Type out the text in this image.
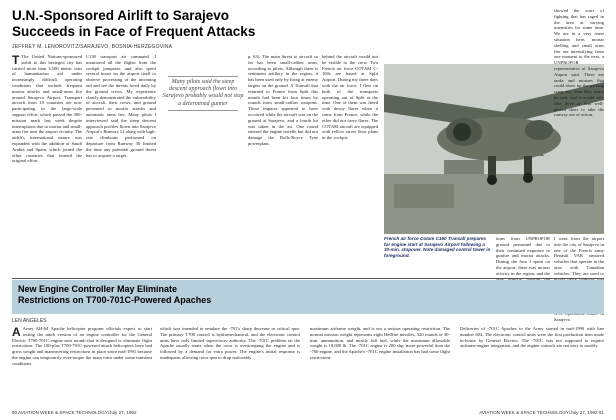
U.N.-Sponsored Airlift to Sarajevo
Succeeds in Face of Frequent Attacks
JEFFREY M. LENOROVITZ/SARAJEVO, BOSNIA-HERZEGOVINA

T The United Nations-sponsored airlift to this besieged city has carried more than 3,500 metric tons of humanitarian aid under increasingly difficult operating conditions that include frequent mortar attacks and small-arms fire around Sarajevo Airport. Transport aircraft from 10 countries are now participating in the large-scale support effort, which passed the 300-mission mark last week despite interruptions due to mortar and small-arms fire near the airport vicinity. The airlift's international nature was expanded with the addition of Saudi Arabia and Spain, which joined the other countries that formed the original effort.

C130 transport air command. I monitored all the flights from the cockpit jumpseat, and also spent several hours on the airport itself to observe processing of the incoming aid and see the threats faced daily by the ground crews. My experience clearly demonstrated the vulnerability of aircraft, their crews, and ground personnel to mortar attacks and automatic arms fire. Many pilots I interviewed said the steep descent approach profiles flown into Sarajevo Airport's Runway 12 along with high-rate climbouts performed on departure from Runway 30 limited the time any potential ground threat has to acquire a target.

Many pilots said the steep descent approach flown into Sarajevo probably would not stop a determined gunner

p. 63). The main threat to aircraft so far has been small-caliber arms, according to pilots. Although there is sentiment artillery in the region, it has been used only by firing at enemy targets on the ground. A Transall that returned to France from Split this month had been hit four times by rounds from small-caliber weapons. Those impacts appeared to have occurred while the aircraft was on the ground at Sarajevo, and a fourth hit was taken in the air. One round entered the engine nacelle but did not damage the Rolls-Royce Tyne powerplant.

behind the aircraft would not be visible to the crew. Two French air force COTAM C-160s are based at Split Airport. During my three days with the air force, I flew on both of the transports operating out of Split at the time. One of them was fitted with decoy flares when it came from France, while the other did not carry flares. The COTAM aircraft are equipped with yellow arrow floor plans in the cockpit.

French air force Cotam C160 Transall prepares for engine start at Sarajevo Airport following a 30-min. stopover. Note damaged control tower in foreground.

tions from UNPROFOR ground personnel due to their continued exposure to gunfire and mortar attacks. During the four I spent on the airport, there was mortar activity in the region, and the

showed the scars of fighting that has raged in the area at varying intensities for some time. We are in a very tense situation here, mortar shelling and small arms fire are intensifying from one moment to the next, a UNPROFOR representative at Sarajevo Airport said. There are tanks and mortars that could show up the parking ramp any time they want, he said. And it would only take three or four well-placed shots to take the runway out of action.

I went from the airport into the city of Sarajevo in one of the French army Renault VAB armored vehicles that operate in the area with Canadian vehicles. They are used to Sarajevo.

New Engine Controller May Eliminate
Restrictions on T700-701C-Powered Apaches
LEN ANGELES

A Army AH-64 Apache helicopter program officials expect to start testing the ninth version of an engine controller for the General Electric T700-701C engine next month that is designed to eliminate flight restrictions. The 100-plus T700-701C-powered attack helicopters have had gross weight and maneuvering restrictions in place since mid-1991 because the engine can temporarily over-torque the main rotor under some transient conditions.

which was intended to emulate the -701's sharp decrease in critical rpm. The primary T700 control is hydromechanical, and the electronic control units have only limited supervisory authority. The -701C problem on the Apache usually starts when the rotor is overtorquing the engine and is followed by a demand for extra power. The engine's initial response is inadequate, allowing rotor rpm to drop noticeably.

maximum airframe weight, and is not a serious operating restriction. The normal mission weight represents eight Hellfire missiles, 320 rounds of 30-mm. ammunition, and mostly full fuel, while the maximum allowable weight is 18,000 lb. The -701C engine is 200 shp. more powerful than the -700 engine, and the Apache's -701C engine installation has had some flight restrictions.

Deliveries of -701C Apaches to the Army started in mid-1990 with line number 604. The electronic control units were the first production item made in-house by General Electric. The -701C was not supposed to require airframe-engine integration, and the engine controls are not easy to modify.

90 AVIATION WEEK & SPACE TECHNOLOGY/July 27, 1992	AVIATION WEEK & SPACE TECHNOLOGY/July 27, 1992 91
